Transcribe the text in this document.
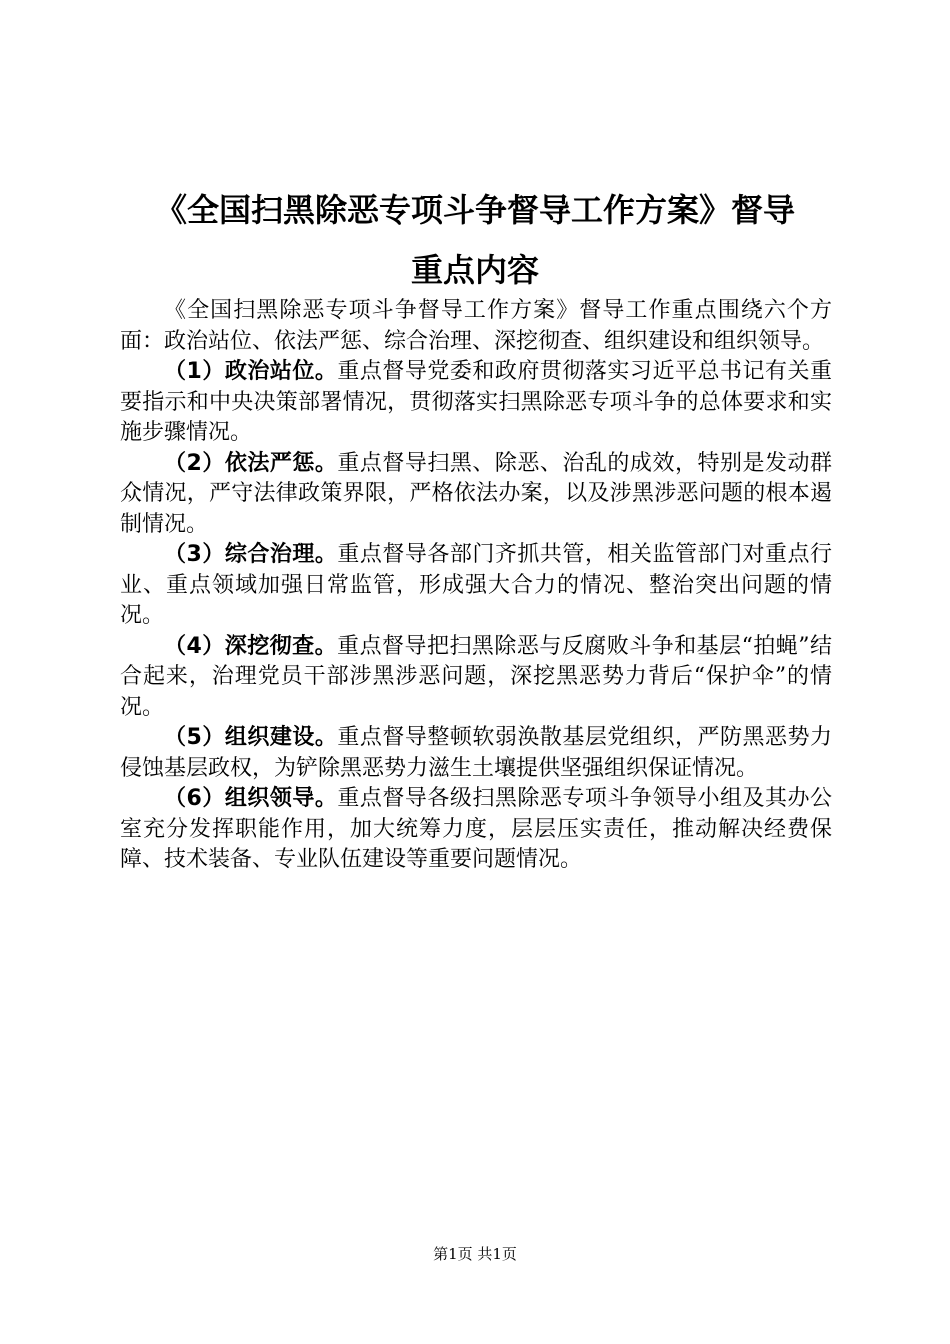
《全国扫黑除恶专项斗争督导工作方案》督导
重点内容

《全国扫黑除恶专项斗争督导工作方案》督导工作重点围绕六个方面：政治站位、依法严惩、综合治理、深挖彻查、组织建设和组织领导。

（1）政治站位。重点督导党委和政府贯彻落实习近平总书记有关重要指示和中央决策部署情况，贯彻落实扫黑除恶专项斗争的总体要求和实施步骤情况。

（2）依法严惩。重点督导扫黑、除恶、治乱的成效，特别是发动群众情况，严守法律政策界限，严格依法办案，以及涉黑涉恶问题的根本遏制情况。

（3）综合治理。重点督导各部门齐抓共管，相关监管部门对重点行业、重点领域加强日常监管，形成强大合力的情况、整治突出问题的情况。

（4）深挖彻查。重点督导把扫黑除恶与反腐败斗争和基层“拍蝇”结合起来，治理党员干部涉黑涉恶问题，深挖黑恶势力背后“保护伞”的情况。

（5）组织建设。重点督导整顿软弱涣散基层党组织，严防黑恶势力侵蚀基层政权，为铲除黑恶势力滋生土壤提供坚强组织保证情况。

（6）组织领导。重点督导各级扫黑除恶专项斗争领导小组及其办公室充分发挥职能作用，加大统筹力度，层层压实责任，推动解决经费保障、技术装备、专业队伍建设等重要问题情况。

第1页 共1页
